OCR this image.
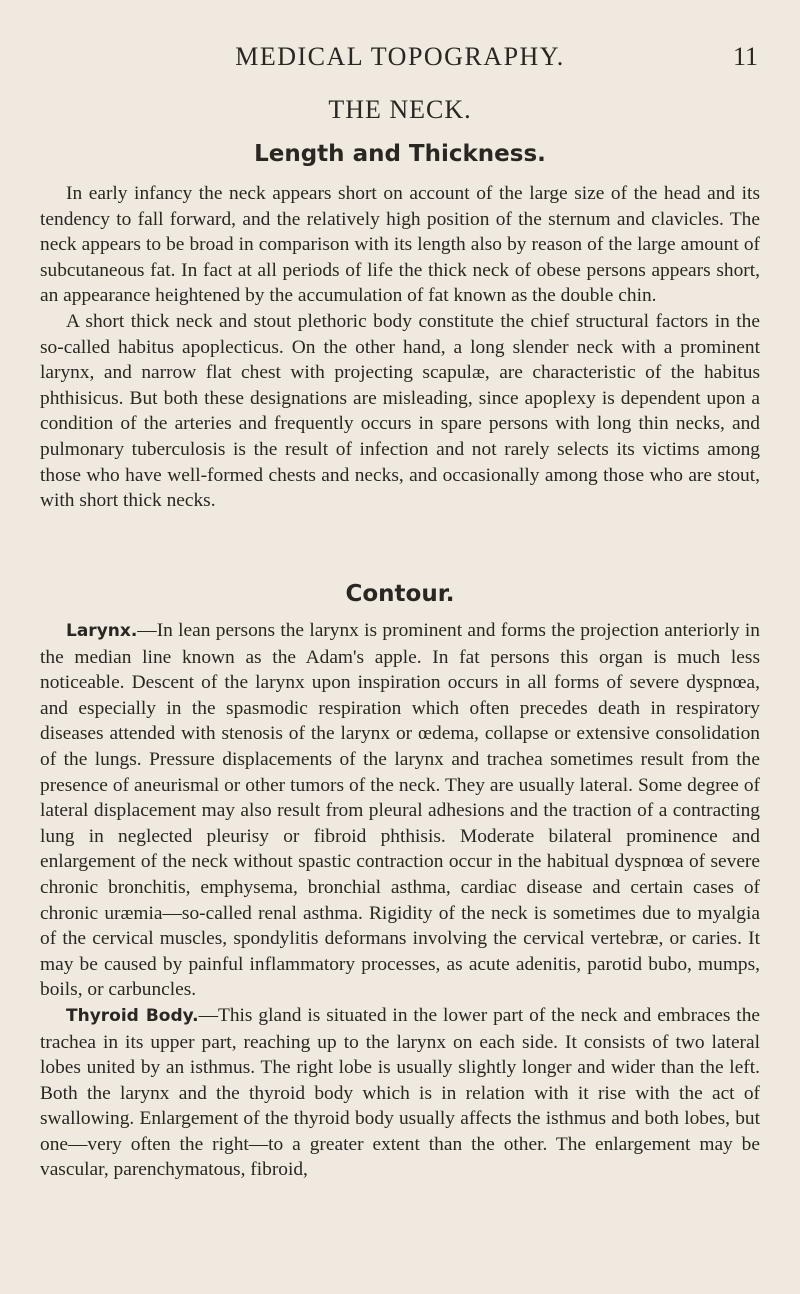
MEDICAL TOPOGRAPHY.	11
THE NECK.
Length and Thickness.

In early infancy the neck appears short on account of the large size of the head and its tendency to fall forward, and the relatively high position of the sternum and clavicles. The neck appears to be broad in comparison with its length also by reason of the large amount of subcutaneous fat. In fact at all periods of life the thick neck of obese persons appears short, an appearance heightened by the accumulation of fat known as the double chin.

A short thick neck and stout plethoric body constitute the chief structural factors in the so-called habitus apoplecticus. On the other hand, a long slender neck with a prominent larynx, and narrow flat chest with projecting scapulæ, are characteristic of the habitus phthisicus. But both these designations are misleading, since apoplexy is dependent upon a condition of the arteries and frequently occurs in spare persons with long thin necks, and pulmonary tuberculosis is the result of infection and not rarely selects its victims among those who have well-formed chests and necks, and occasionally among those who are stout, with short thick necks.

Contour.

Larynx.—In lean persons the larynx is prominent and forms the projection anteriorly in the median line known as the Adam's apple. In fat persons this organ is much less noticeable. Descent of the larynx upon inspiration occurs in all forms of severe dyspnœa, and especially in the spasmodic respiration which often precedes death in respiratory diseases attended with stenosis of the larynx or œdema, collapse or extensive consolidation of the lungs. Pressure displacements of the larynx and trachea sometimes result from the presence of aneurismal or other tumors of the neck. They are usually lateral. Some degree of lateral displacement may also result from pleural adhesions and the traction of a contracting lung in neglected pleurisy or fibroid phthisis. Moderate bilateral prominence and enlargement of the neck without spastic contraction occur in the habitual dyspnœa of severe chronic bronchitis, emphysema, bronchial asthma, cardiac disease and certain cases of chronic uræmia—so-called renal asthma. Rigidity of the neck is sometimes due to myalgia of the cervical muscles, spondylitis deformans involving the cervical vertebræ, or caries. It may be caused by painful inflammatory processes, as acute adenitis, parotid bubo, mumps, boils, or carbuncles.

Thyroid Body.—This gland is situated in the lower part of the neck and embraces the trachea in its upper part, reaching up to the larynx on each side. It consists of two lateral lobes united by an isthmus. The right lobe is usually slightly longer and wider than the left. Both the larynx and the thyroid body which is in relation with it rise with the act of swallowing. Enlargement of the thyroid body usually affects the isthmus and both lobes, but one—very often the right—to a greater extent than the other. The enlargement may be vascular, parenchymatous, fibroid,
